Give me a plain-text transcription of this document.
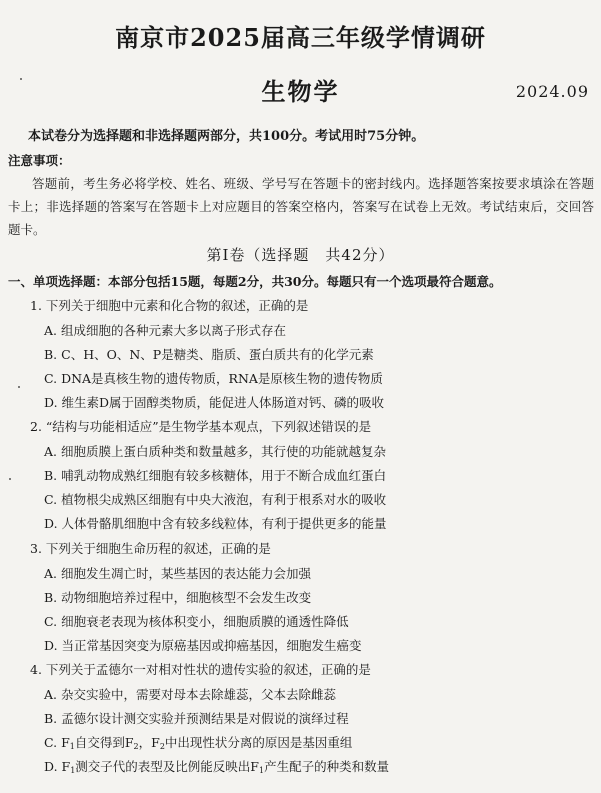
南京市2025届高三年级学情调研
生物学	2024.09
本试卷分为选择题和非选择题两部分，共100分。考试用时75分钟。
注意事项：
答题前，考生务必将学校、姓名、班级、学号写在答题卡的密封线内。选择题答案按要求填涂在答题卡上；非选择题的答案写在答题卡上对应题目的答案空格内，答案写在试卷上无效。考试结束后，交回答题卡。
第Ⅰ卷（选择题　共42分）
一、单项选择题：本部分包括15题，每题2分，共30分。每题只有一个选项最符合题意。
1. 下列关于细胞中元素和化合物的叙述，正确的是
A. 组成细胞的各种元素大多以离子形式存在
B. C、H、O、N、P是糖类、脂质、蛋白质共有的化学元素
C. DNA是真核生物的遗传物质，RNA是原核生物的遗传物质
D. 维生素D属于固醇类物质，能促进人体肠道对钙、磷的吸收
2. “结构与功能相适应”是生物学基本观点，下列叙述错误的是
A. 细胞质膜上蛋白质种类和数量越多，其行使的功能就越复杂
B. 哺乳动物成熟红细胞有较多核糖体，用于不断合成血红蛋白
C. 植物根尖成熟区细胞有中央大液泡，有利于根系对水的吸收
D. 人体骨骼肌细胞中含有较多线粒体，有利于提供更多的能量
3. 下列关于细胞生命历程的叙述，正确的是
A. 细胞发生凋亡时，某些基因的表达能力会加强
B. 动物细胞培养过程中，细胞核型不会发生改变
C. 细胞衰老表现为核体积变小，细胞质膜的通透性降低
D. 当正常基因突变为原癌基因或抑癌基因，细胞发生癌变
4. 下列关于孟德尔一对相对性状的遗传实验的叙述，正确的是
A. 杂交实验中，需要对母本去除雄蕊，父本去除雌蕊
B. 孟德尔设计测交实验并预测结果是对假说的演绎过程
C. $F_1$自交得到$F_2$，$F_2$中出现性状分离的原因是基因重组
D. $F_1$测交子代的表型及比例能反映出$F_1$产生配子的种类和数量
